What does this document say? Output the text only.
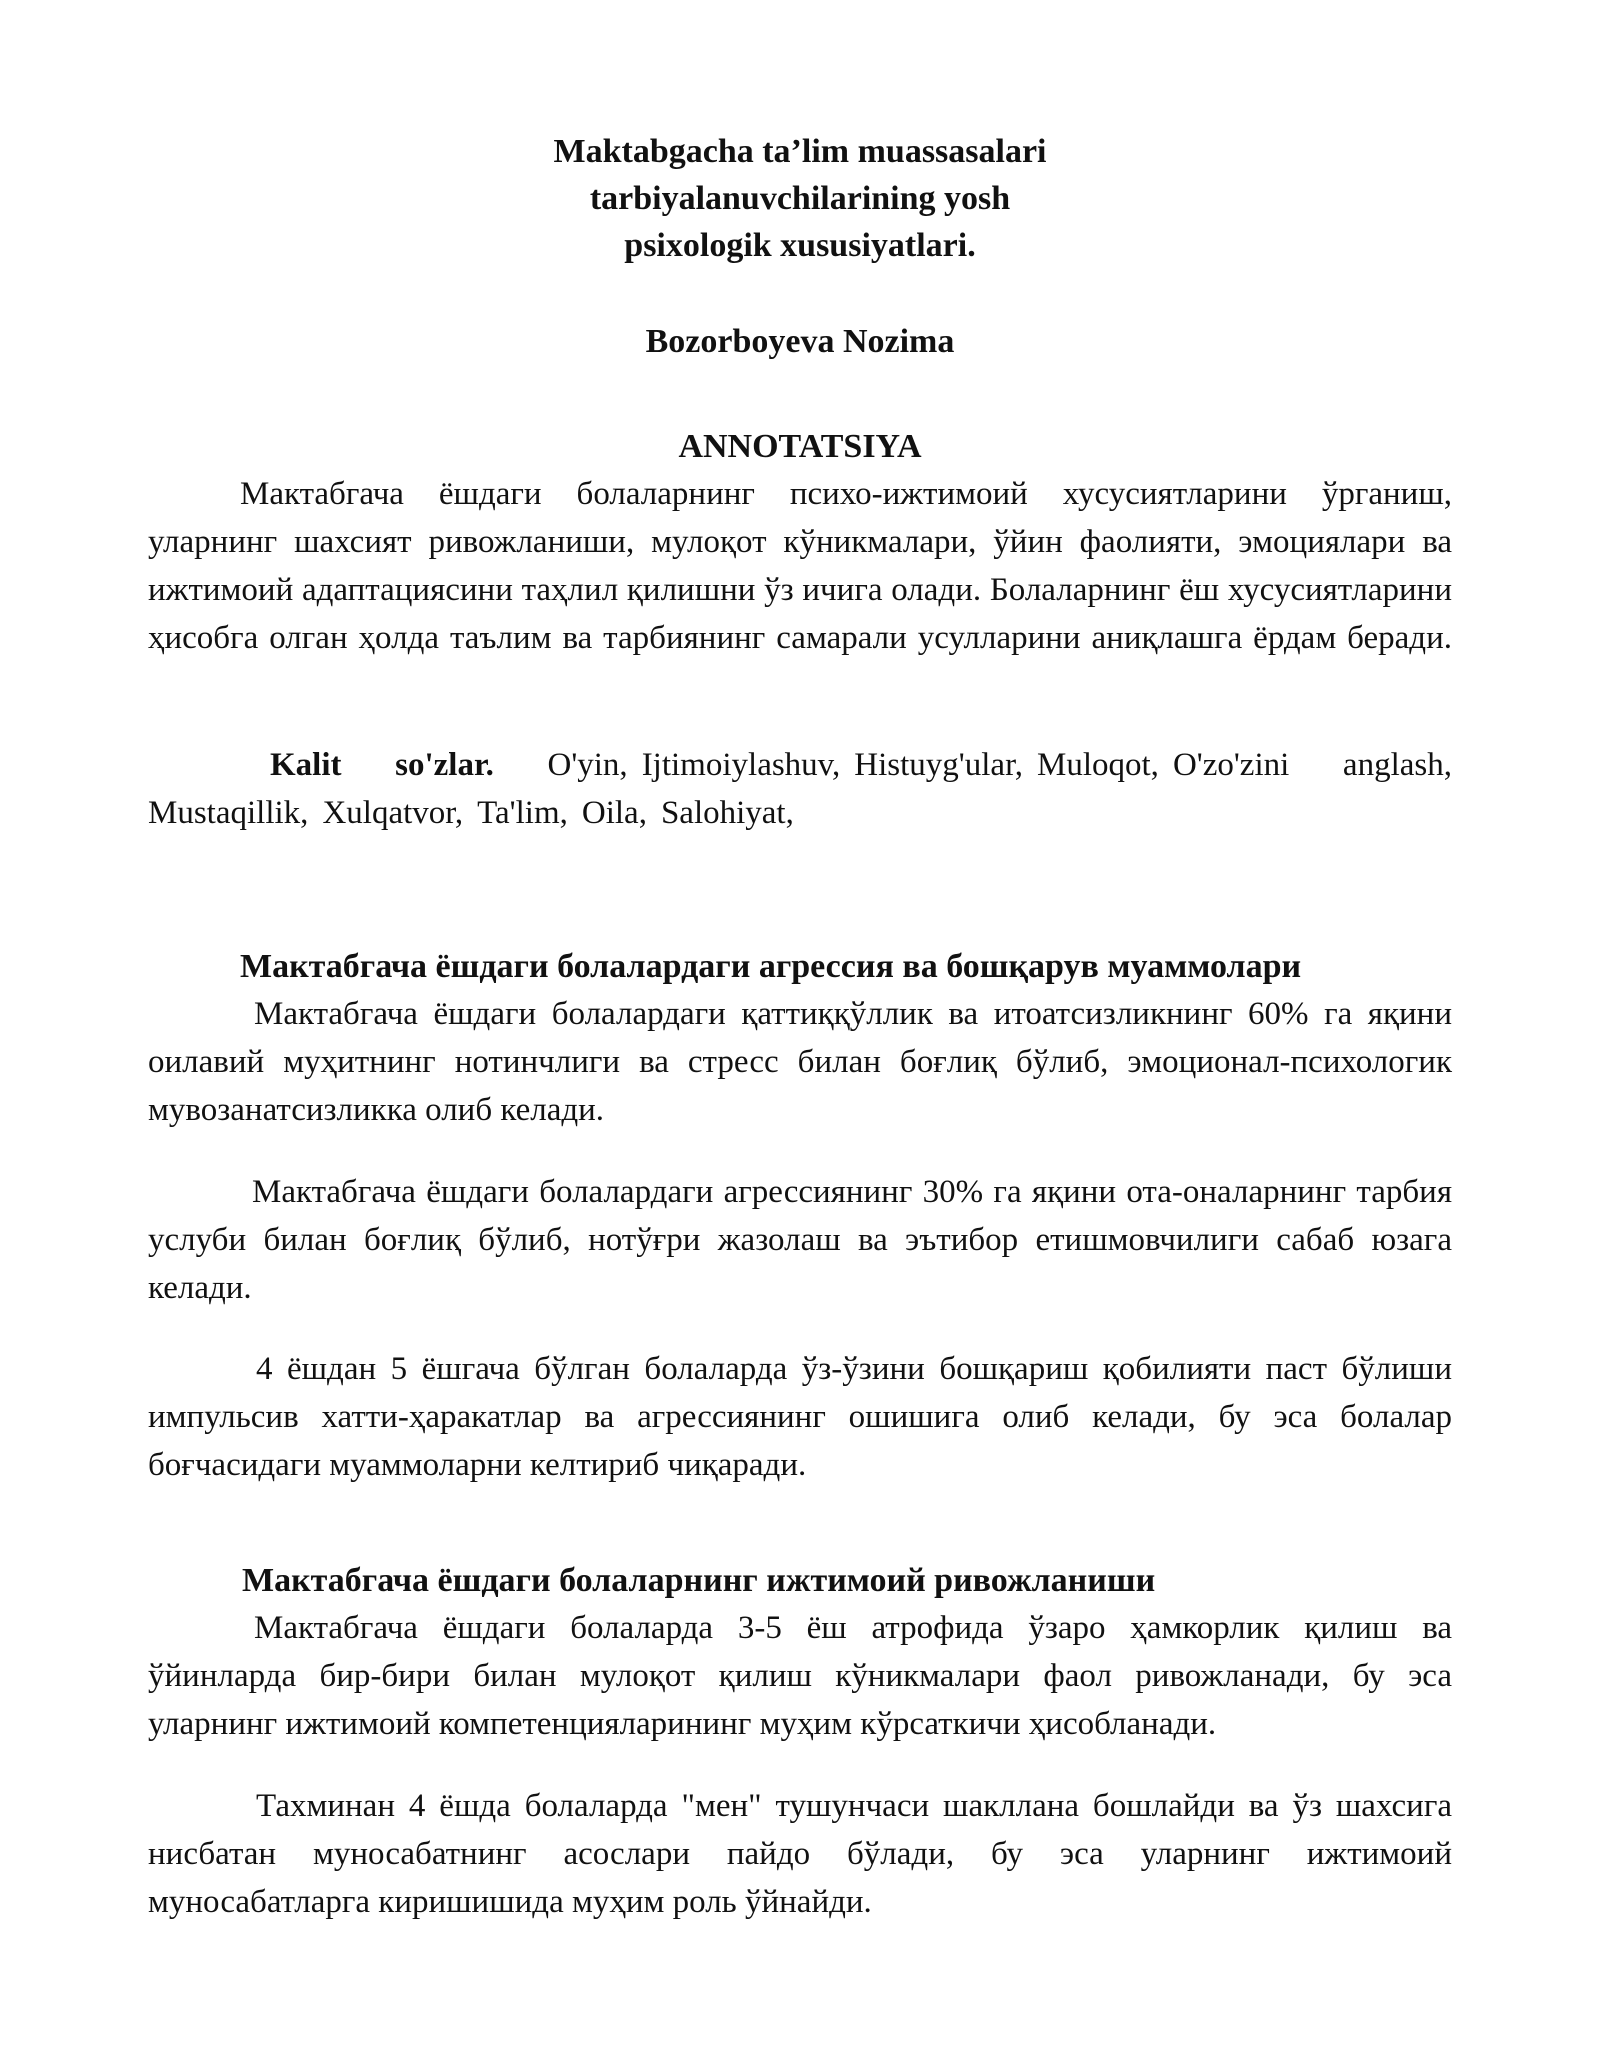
Maktabgacha ta’lim muassasalari
tarbiyalanuvchilarining yosh
psixologik xususiyatlari.
Bozorboyeva Nozima
ANNOTATSIYA

Мактабгача ёшдаги болаларнинг психо-ижтимоий хусусиятларини ўрганиш, уларнинг шахсият ривожланиши, мулоқот кўникмалари, ўйин фаолияти, эмоциялари ва ижтимоий адаптациясини таҳлил қилишни ўз ичига олади. Болаларнинг ёш хусусиятларини ҳисобга олган ҳолда таълим ва тарбиянинг самарали усулларини аниқлашга ёрдам беради.

Kalit so'zlar. O'yin, Ijtimoiylashuv, Histuyg'ular, Muloqot, O'zo'zini anglash, Mustaqillik, Xulqatvor, Ta'lim, Oila, Salohiyat,

Мактабгача ёшдаги болалардаги агрессия ва бошқарув муаммолари

Мактабгача ёшдаги болалардаги қаттиққўллик ва итоатсизликнинг 60% га яқини оилавий муҳитнинг нотинчлиги ва стресс билан боғлиқ бўлиб, эмоционал-психологик мувозанатсизликка олиб келади.

Мактабгача ёшдаги болалардаги агрессиянинг 30% га яқини ота-оналарнинг тарбия услуби билан боғлиқ бўлиб, нотўғри жазолаш ва эътибор етишмовчилиги сабаб юзага келади.

4 ёшдан 5 ёшгача бўлган болаларда ўз-ўзини бошқариш қобилияти паст бўлиши импульсив хатти-ҳаракатлар ва агрессиянинг ошишига олиб келади, бу эса болалар боғчасидаги муаммоларни келтириб чиқаради.

Мактабгача ёшдаги болаларнинг ижтимоий ривожланиши

Мактабгача ёшдаги болаларда 3-5 ёш атрофида ўзаро ҳамкорлик қилиш ва ўйинларда бир-бири билан мулоқот қилиш кўникмалари фаол ривожланади, бу эса уларнинг ижтимоий компетенцияларининг муҳим кўрсаткичи ҳисобланади.

Тахминан 4 ёшда болаларда "мен" тушунчаси шакллана бошлайди ва ўз шахсига нисбатан муносабатнинг асослари пайдо бўлади, бу эса уларнинг ижтимоий муносабатларга киришишида муҳим роль ўйнайди.
